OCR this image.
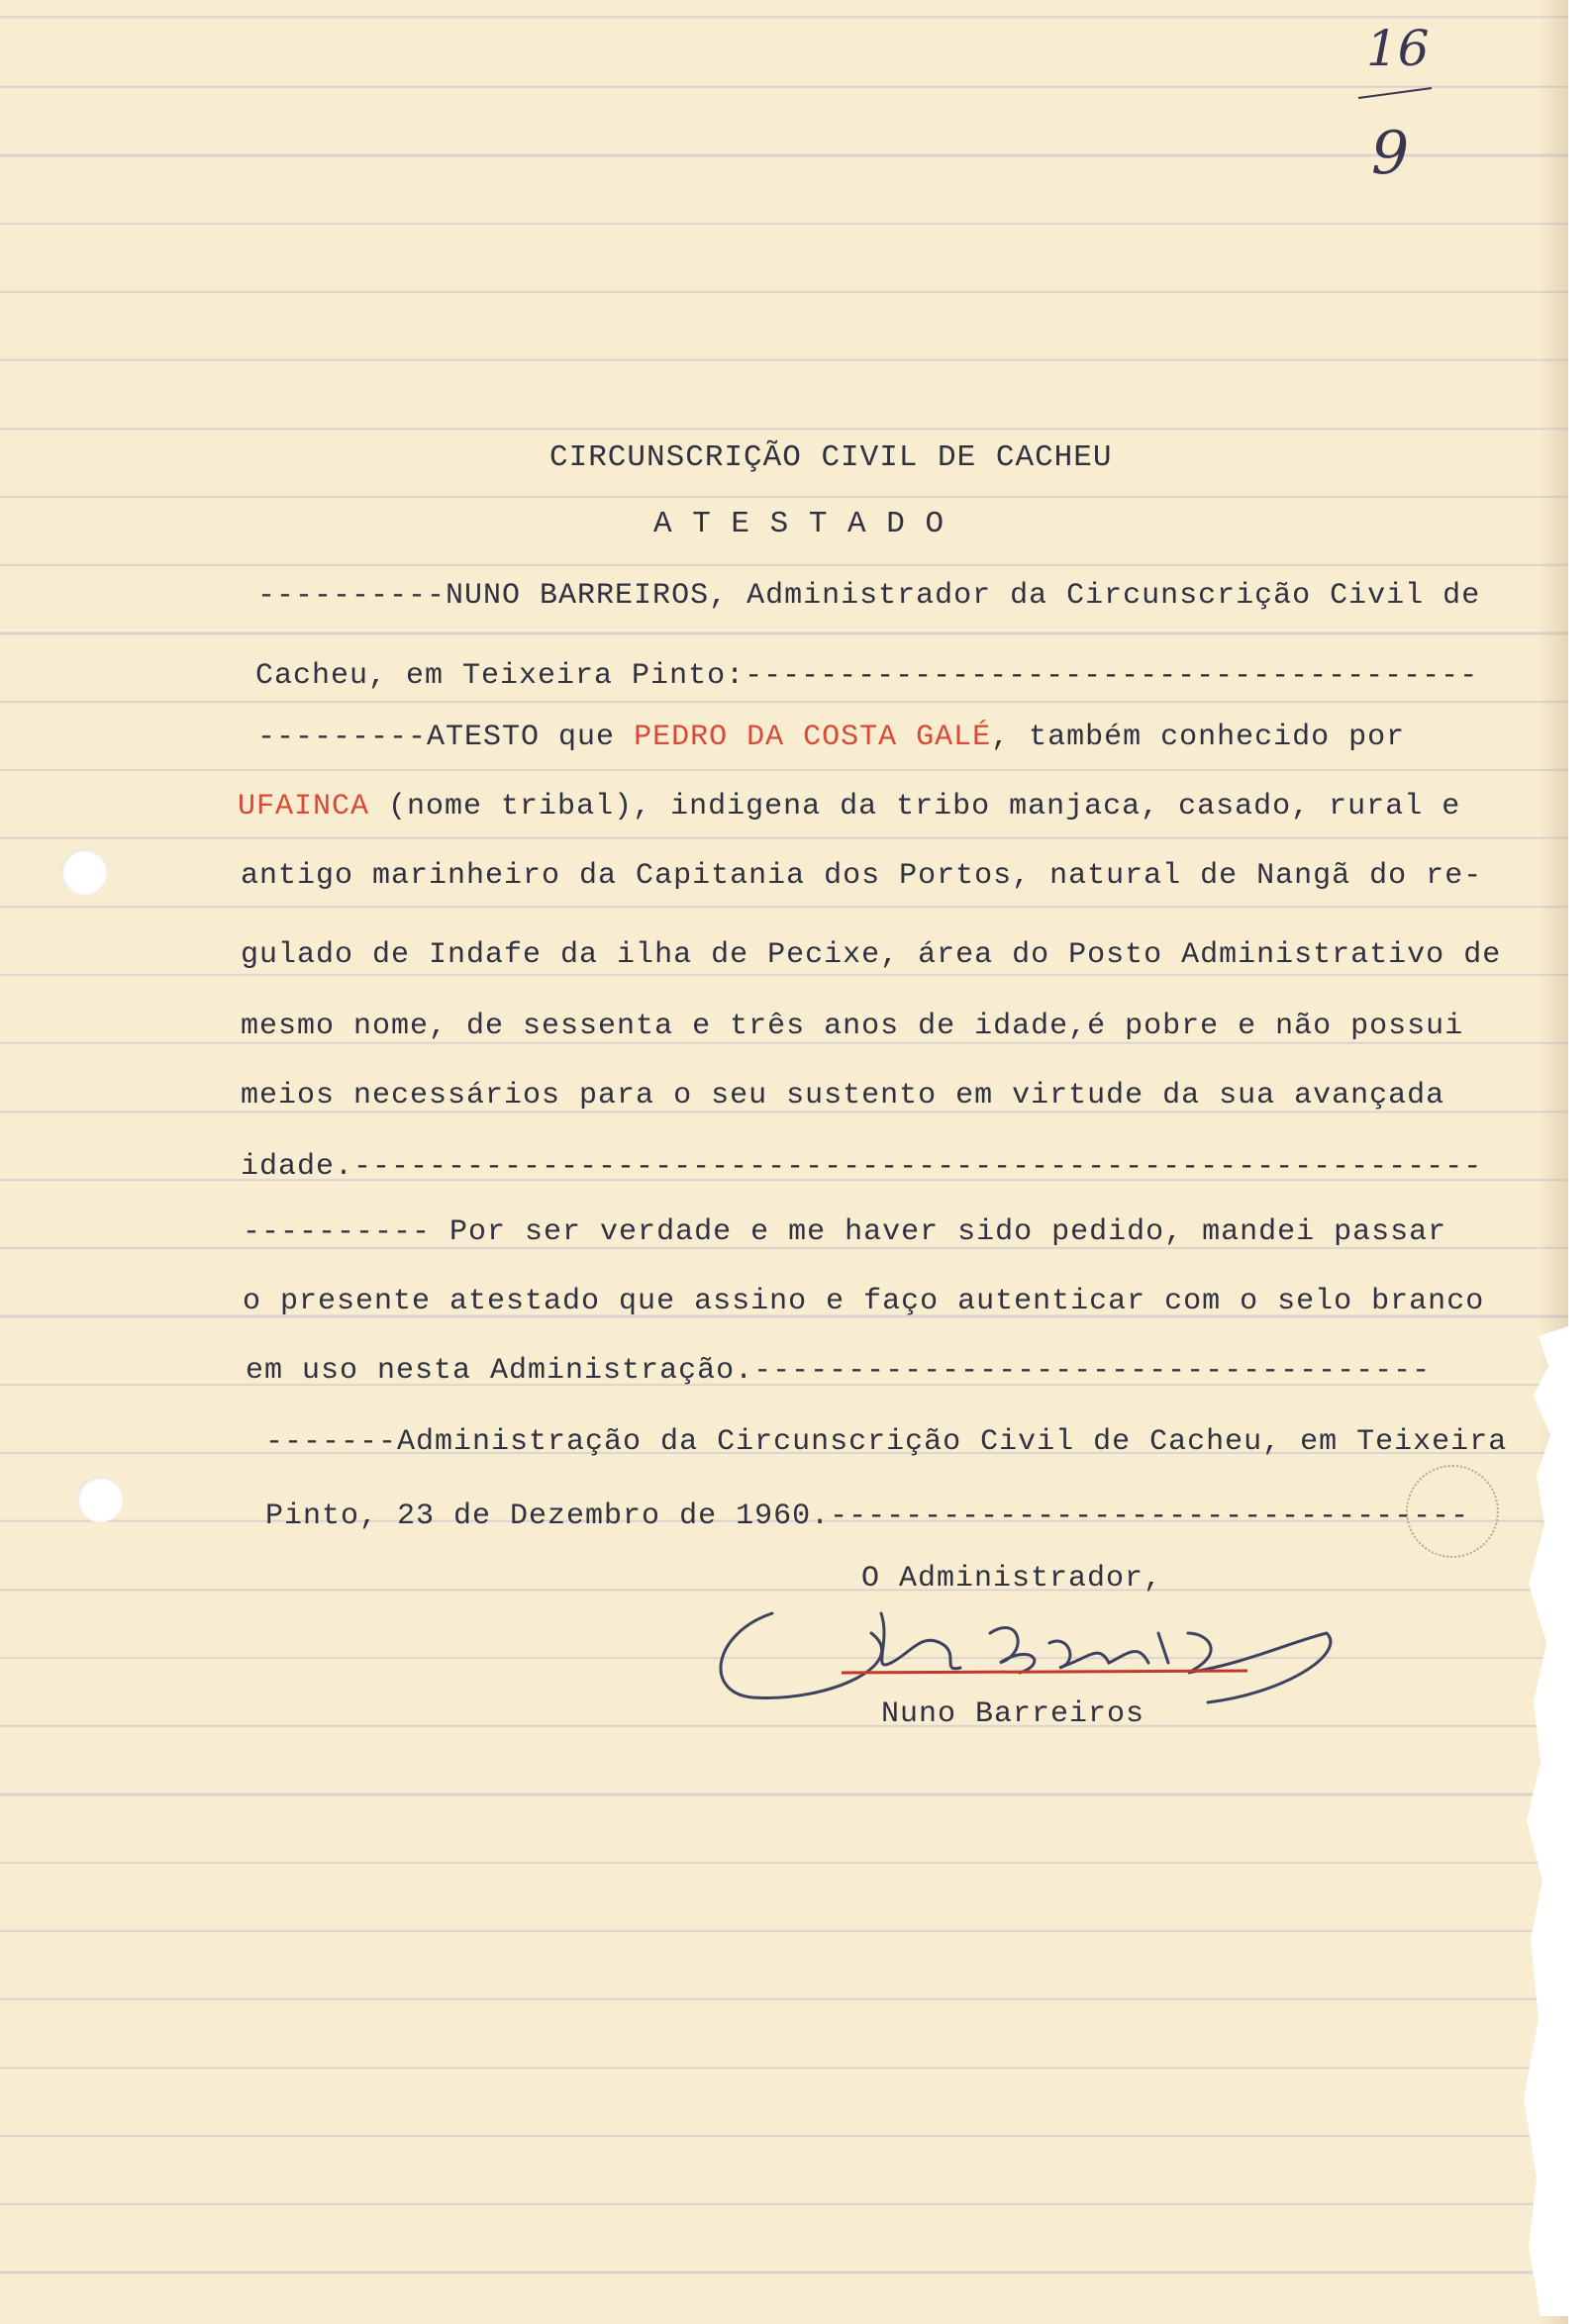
16
9
CIRCUNSCRIÇÃO CIVIL DE CACHEU
A T E S T A D O
----------NUNO BARREIROS, Administrador da Circunscrição Civil de
Cacheu, em Teixeira Pinto:---------------------------------------
---------ATESTO que PEDRO DA COSTA GALÉ, também conhecido por
UFAINCA (nome tribal), indigena da tribo manjaca, casado, rural e
antigo marinheiro da Capitania dos Portos, natural de Nangã do re-
gulado de Indafe da ilha de Pecixe, área do Posto Administrativo de
mesmo nome, de sessenta e três anos de idade,é pobre e não possui
meios necessários para o seu sustento em virtude da sua avançada
idade.------------------------------------------------------------
---------- Por ser verdade e me haver sido pedido, mandei passar
o presente atestado que assino e faço autenticar com o selo branco
em uso nesta Administração.------------------------------------
-------Administração da Circunscrição Civil de Cacheu, em Teixeira
Pinto, 23 de Dezembro de 1960.----------------------------------
O Administrador,
Nuno Barreiros
